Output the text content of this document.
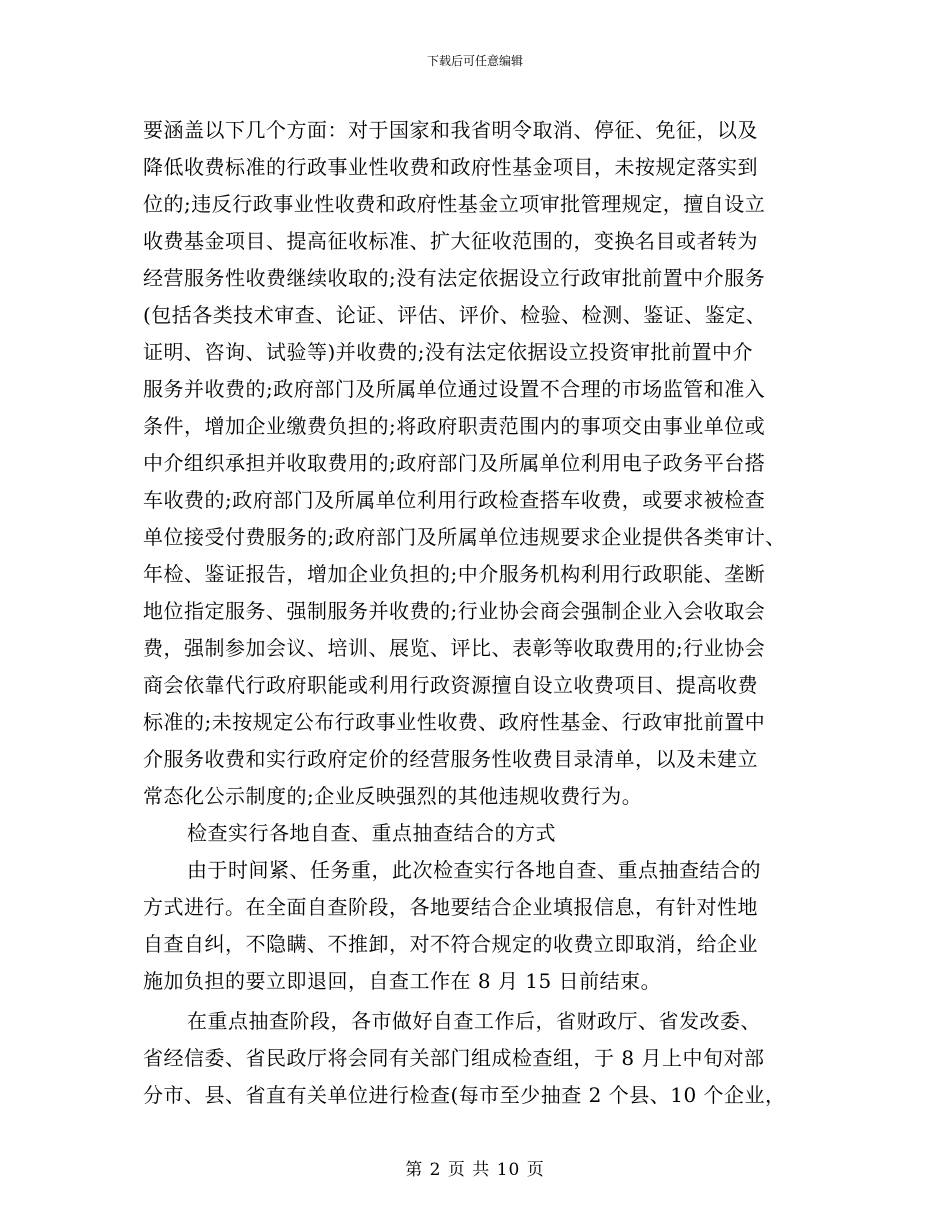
下载后可任意编辑
要涵盖以下几个方面：对于国家和我省明令取消、停征、免征，以及
降低收费标准的行政事业性收费和政府性基金项目，未按规定落实到
位的;违反行政事业性收费和政府性基金立项审批管理规定，擅自设立
收费基金项目、提高征收标准、扩大征收范围的，变换名目或者转为
经营服务性收费继续收取的;没有法定依据设立行政审批前置中介服务
(包括各类技术审查、论证、评估、评价、检验、检测、鉴证、鉴定、
证明、咨询、试验等)并收费的;没有法定依据设立投资审批前置中介
服务并收费的;政府部门及所属单位通过设置不合理的市场监管和准入
条件，增加企业缴费负担的;将政府职责范围内的事项交由事业单位或
中介组织承担并收取费用的;政府部门及所属单位利用电子政务平台搭
车收费的;政府部门及所属单位利用行政检查搭车收费，或要求被检查
单位接受付费服务的;政府部门及所属单位违规要求企业提供各类审计、
年检、鉴证报告，增加企业负担的;中介服务机构利用行政职能、垄断
地位指定服务、强制服务并收费的;行业协会商会强制企业入会收取会
费，强制参加会议、培训、展览、评比、表彰等收取费用的;行业协会
商会依靠代行政府职能或利用行政资源擅自设立收费项目、提高收费
标准的;未按规定公布行政事业性收费、政府性基金、行政审批前置中
介服务收费和实行政府定价的经营服务性收费目录清单，以及未建立
常态化公示制度的;企业反映强烈的其他违规收费行为。
检查实行各地自查、重点抽查结合的方式
由于时间紧、任务重，此次检查实行各地自查、重点抽查结合的
方式进行。在全面自查阶段，各地要结合企业填报信息，有针对性地
自查自纠，不隐瞒、不推卸，对不符合规定的收费立即取消，给企业
施加负担的要立即退回，自查工作在 8 月 15 日前结束。
在重点抽查阶段，各市做好自查工作后，省财政厅、省发改委、
省经信委、省民政厅将会同有关部门组成检查组，于 8 月上中旬对部
分市、县、省直有关单位进行检查(每市至少抽查 2 个县、10 个企业，
第 2 页 共 10 页
